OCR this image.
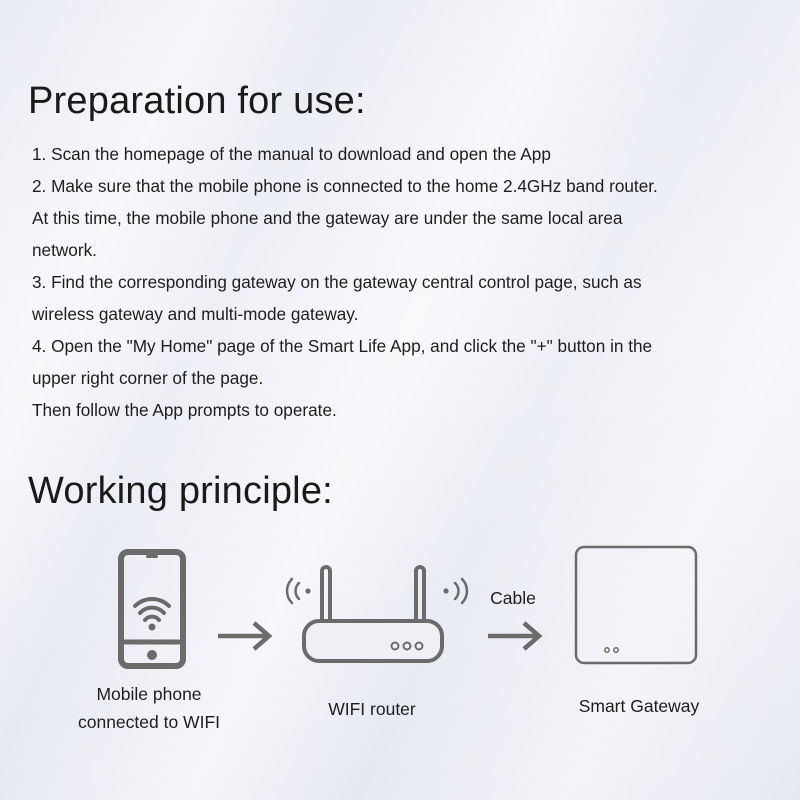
Preparation for use:
1. Scan the homepage of the manual to download and open the App
2. Make sure that the mobile phone is connected to the home 2.4GHz band router.
At this time, the mobile phone and the gateway are under the same local area
network.
3. Find the corresponding gateway on the gateway central control page, such as
wireless gateway and multi-mode gateway.
4. Open the "My Home" page of the Smart Life App, and click the "+" button in the
upper right corner of the page.
Then follow the App prompts to operate.
Working principle:
Cable
Mobile phone
connected to WIFI
WIFI router	Smart Gateway
